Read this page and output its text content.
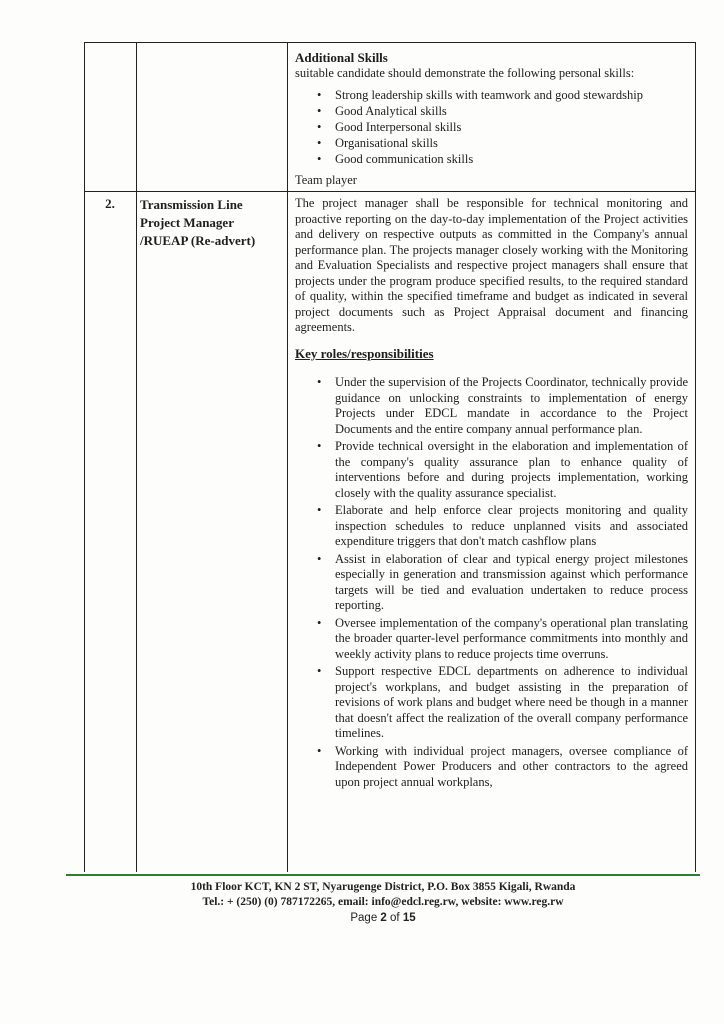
Additional Skills

suitable candidate should demonstrate the following personal skills:

• Strong leadership skills with teamwork and good stewardship
• Good Analytical skills
• Good Interpersonal skills
• Organisational skills
• Good communication skills
Team player
2.	Transmission Line Project Manager /RUEAP (Re-advert)

The project manager shall be responsible for technical monitoring and proactive reporting on the day-to-day implementation of the Project activities and delivery on respective outputs as committed in the Company's annual performance plan. The projects manager closely working with the Monitoring and Evaluation Specialists and respective project managers shall ensure that projects under the program produce specified results, to the required standard of quality, within the specified timeframe and budget as indicated in several project documents such as Project Appraisal document and financing agreements.

Key roles/responsibilities

• Under the supervision of the Projects Coordinator, technically provide guidance on unlocking constraints to implementation of energy Projects under EDCL mandate in accordance to the Project Documents and the entire company annual performance plan.
• Provide technical oversight in the elaboration and implementation of the company's quality assurance plan to enhance quality of interventions before and during projects implementation, working closely with the quality assurance specialist.
• Elaborate and help enforce clear projects monitoring and quality inspection schedules to reduce unplanned visits and associated expenditure triggers that don't match cashflow plans
• Assist in elaboration of clear and typical energy project milestones especially in generation and transmission against which performance targets will be tied and evaluation undertaken to reduce process reporting.
• Oversee implementation of the company's operational plan translating the broader quarter-level performance commitments into monthly and weekly activity plans to reduce projects time overruns.
• Support respective EDCL departments on adherence to individual project's workplans, and budget assisting in the preparation of revisions of work plans and budget where need be though in a manner that doesn't affect the realization of the overall company performance timelines.
• Working with individual project managers, oversee compliance of Independent Power Producers and other contractors to the agreed upon project annual workplans,
10th Floor KCT, KN 2 ST, Nyarugenge District, P.O. Box 3855 Kigali, Rwanda
Tel.: + (250) (0) 787172265, email: info@edcl.reg.rw, website: www.reg.rw
Page 2 of 15
